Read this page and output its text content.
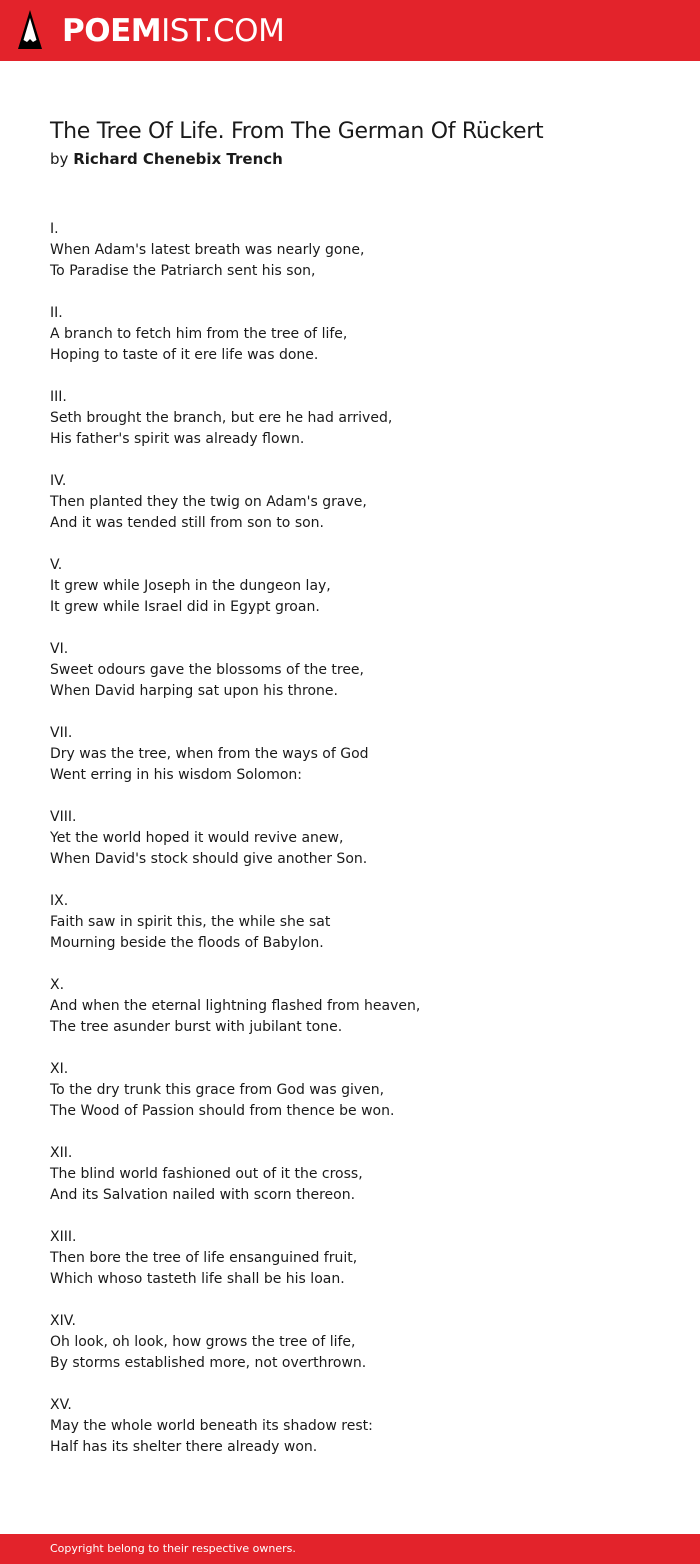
POEMIST.COM
The Tree Of Life. From The German Of Rückert
by Richard Chenebix Trench
I.
When Adam's latest breath was nearly gone,
To Paradise the Patriarch sent his son,
II.
A branch to fetch him from the tree of life,
Hoping to taste of it ere life was done.
III.
Seth brought the branch, but ere he had arrived,
His father's spirit was already flown.
IV.
Then planted they the twig on Adam's grave,
And it was tended still from son to son.
V.
It grew while Joseph in the dungeon lay,
It grew while Israel did in Egypt groan.
VI.
Sweet odours gave the blossoms of the tree,
When David harping sat upon his throne.
VII.
Dry was the tree, when from the ways of God
Went erring in his wisdom Solomon:
VIII.
Yet the world hoped it would revive anew,
When David's stock should give another Son.
IX.
Faith saw in spirit this, the while she sat
Mourning beside the floods of Babylon.
X.
And when the eternal lightning flashed from heaven,
The tree asunder burst with jubilant tone.
XI.
To the dry trunk this grace from God was given,
The Wood of Passion should from thence be won.
XII.
The blind world fashioned out of it the cross,
And its Salvation nailed with scorn thereon.
XIII.
Then bore the tree of life ensanguined fruit,
Which whoso tasteth life shall be his loan.
XIV.
Oh look, oh look, how grows the tree of life,
By storms established more, not overthrown.
XV.
May the whole world beneath its shadow rest:
Half has its shelter there already won.
Copyright belong to their respective owners.
